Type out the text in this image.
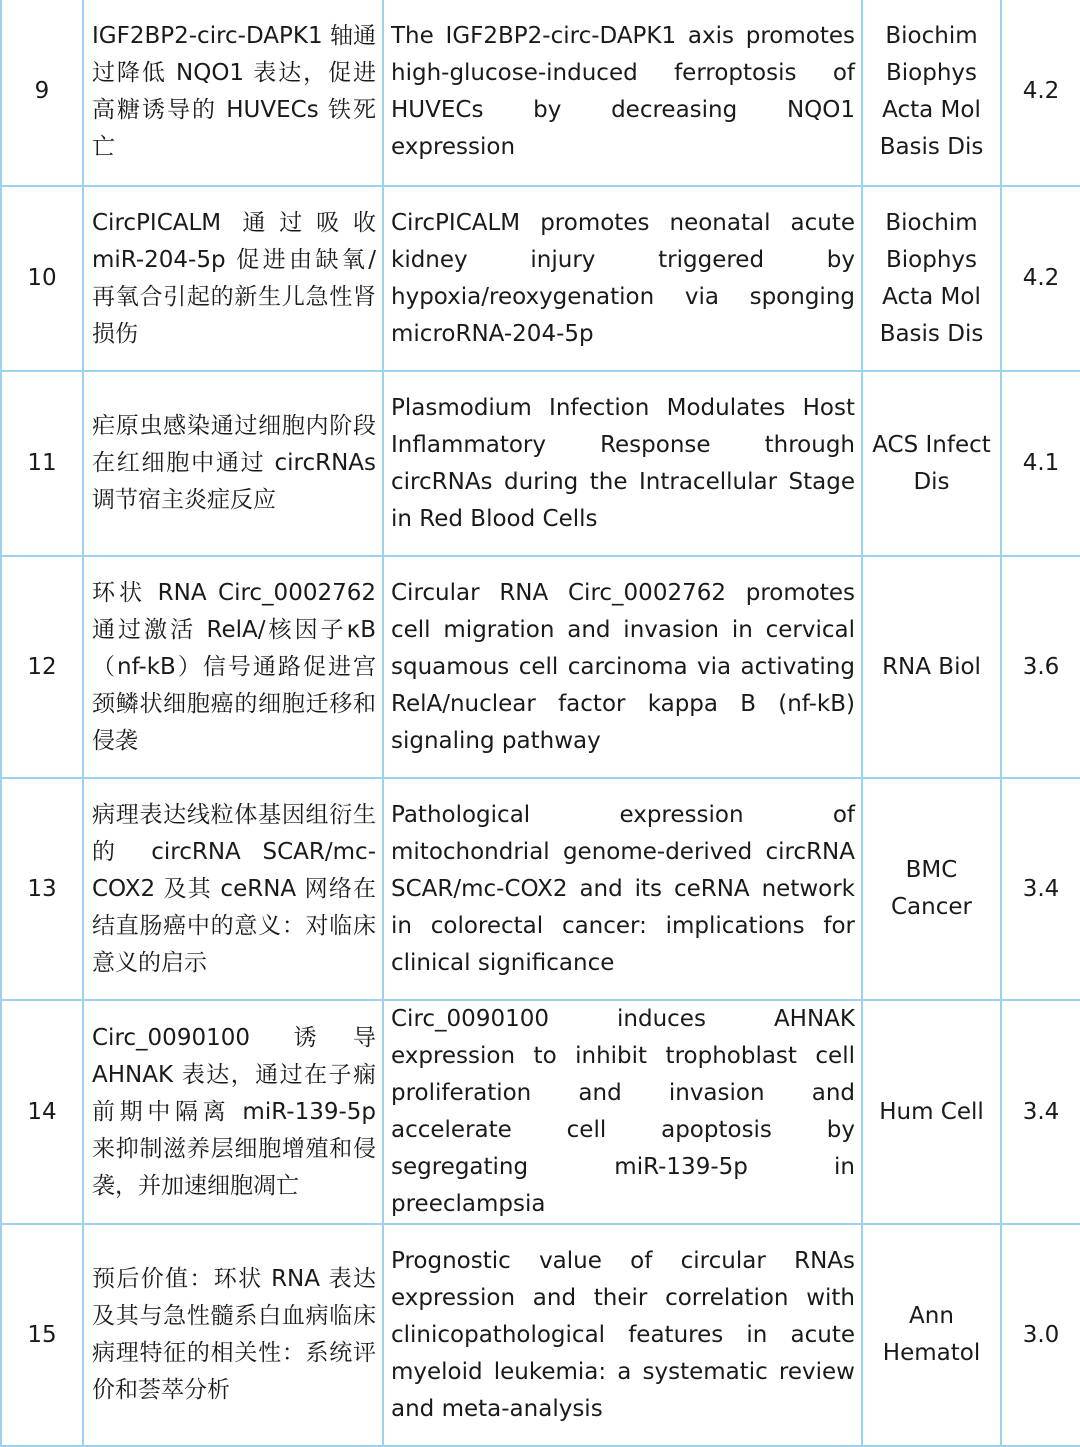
9	IGF2BP2-circ-DAPK1 轴通过降低 NQO1 表达，促进高糖诱导的 HUVECs 铁死亡	The IGF2BP2-circ-DAPK1 axis promotes high-glucose-induced ferroptosis of HUVECs by decreasing NQO1 expression	Biochim Biophys Acta Mol Basis Dis	4.2
10	CircPICALM 通过吸收 miR-204-5p 促进由缺氧/再氧合引起的新生儿急性肾损伤	CircPICALM promotes neonatal acute kidney injury triggered by hypoxia/reoxygenation via sponging microRNA-204-5p	Biochim Biophys Acta Mol Basis Dis	4.2
11	疟原虫感染通过细胞内阶段在红细胞中通过 circRNAs 调节宿主炎症反应	Plasmodium Infection Modulates Host Inflammatory Response through circRNAs during the Intracellular Stage in Red Blood Cells	ACS Infect Dis	4.1
12	环状 RNA Circ_0002762 通过激活 RelA/核因子κB（nf-kB）信号通路促进宫颈鳞状细胞癌的细胞迁移和侵袭	Circular RNA Circ_0002762 promotes cell migration and invasion in cervical squamous cell carcinoma via activating RelA/nuclear factor kappa B (nf-kB) signaling pathway	RNA Biol	3.6
13	病理表达线粒体基因组衍生的 circRNA SCAR/mc-COX2 及其 ceRNA 网络在结直肠癌中的意义：对临床意义的启示	Pathological expression of mitochondrial genome-derived circRNA SCAR/mc-COX2 and its ceRNA network in colorectal cancer: implications for clinical significance	BMC Cancer	3.4
14	Circ_0090100 诱导 AHNAK 表达，通过在子痫前期中隔离 miR-139-5p 来抑制滋养层细胞增殖和侵袭，并加速细胞凋亡	Circ_0090100 induces AHNAK expression to inhibit trophoblast cell proliferation and invasion and accelerate cell apoptosis by segregating miR-139-5p in preeclampsia	Hum Cell	3.4
15	预后价值：环状 RNA 表达及其与急性髓系白血病临床病理特征的相关性：系统评价和荟萃分析	Prognostic value of circular RNAs expression and their correlation with clinicopathological features in acute myeloid leukemia: a systematic review and meta-analysis	Ann Hematol	3.0
